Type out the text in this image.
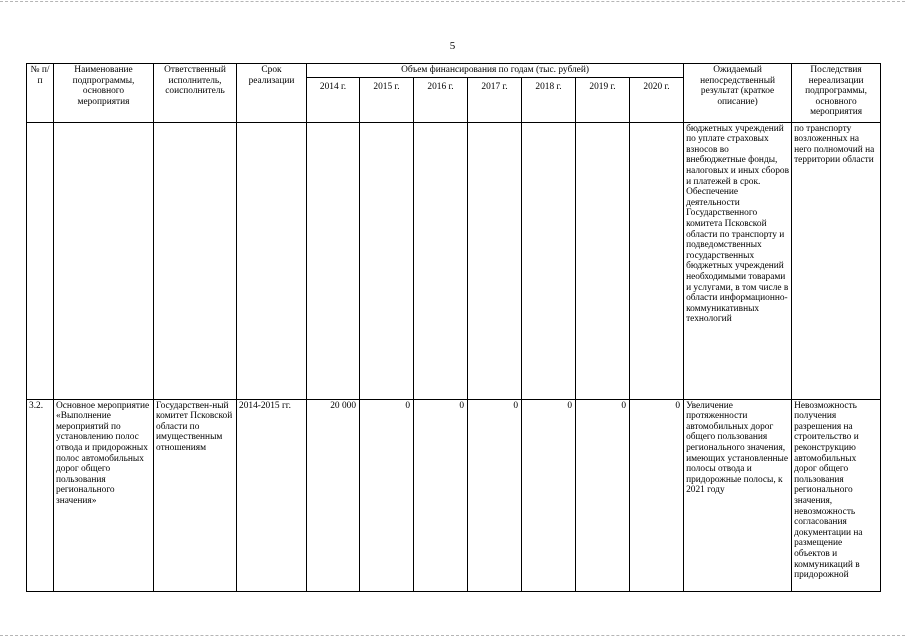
5
№ п/п	Наименование подпрограммы, основного мероприятия	Ответственный исполнитель, соисполнитель	Срок реализации	Объем финансирования по годам (тыс. рублей)							Ожидаемый непосредственный результат (краткое описание)	Последствия нереализации подпрограммы, основного мероприятия

				2014 г.	2015 г.	2016 г.	2017 г.	2018 г.	2019 г.	2020 г.		
											бюджетных учреждений по уплате страховых взносов во внебюджетные фонды, налоговых и иных сборов и платежей в срок. Обеспечение деятельности Государственного комитета Псковской области по транспорту и подведомственных государственных бюджетных учреждений необходимыми товарами и услугами, в том числе в области информационно-коммуникативных технологий	по транспорту возложенных на него полномочий на территории области
3.2.	Основное мероприятие «Выполнение мероприятий по установлению полос отвода и придорожных полос автомобильных дорог общего пользования регионального значения»	Государствен-ный комитет Псковской области по имущественным отношениям	2014-2015 гг.	20 000	0	0	0	0	0	0	Увеличение протяженности автомобильных дорог общего пользования регионального значения, имеющих установленные полосы отвода и придорожные полосы, к 2021 году	Невозможность получения разрешения на строительство и реконструкцию автомобильных дорог общего пользования регионального значения, невозможность согласования документации на размещение объектов и коммуникаций в придорожной
